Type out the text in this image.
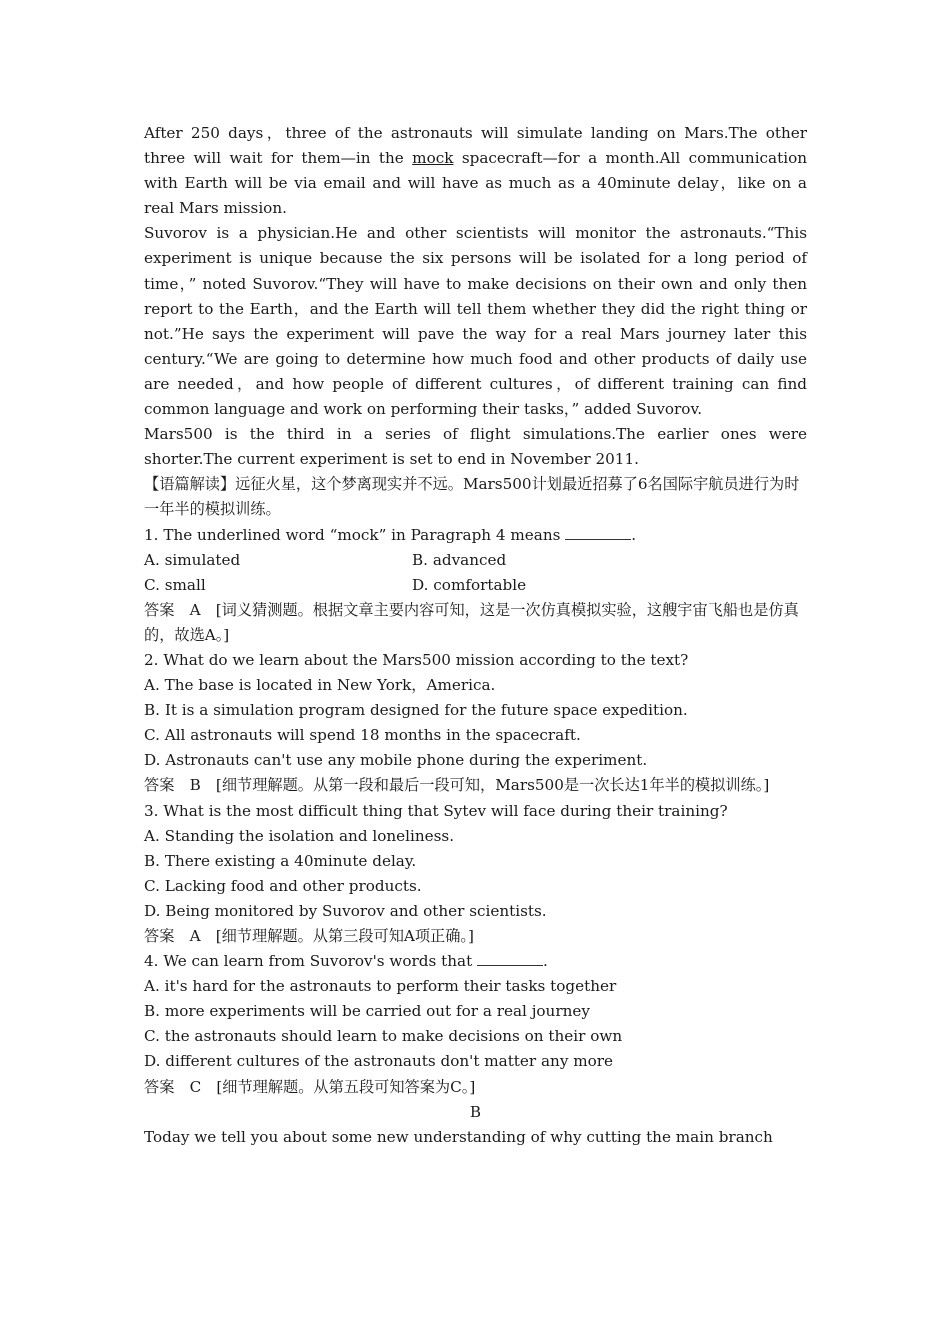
After 250 days，three of the astronauts will simulate landing on Mars.The other three will wait for them—in the mock spacecraft—for a month.All communication with Earth will be via email and will have as much as a 40minute delay，like on a real Mars mission.

Suvorov is a physician.He and other scientists will monitor the astronauts.“This experiment is unique because the six persons will be isolated for a long period of time，” noted Suvorov.“They will have to make decisions on their own and only then report to the Earth，and the Earth will tell them whether they did the right thing or not.”He says the experiment will pave the way for a real Mars journey later this century.“We are going to determine how much food and other products of daily use are needed，and how people of different cultures，of different training can find common language and work on performing their tasks，” added Suvorov.

Mars500 is the third in a series of flight simulations.The earlier ones were shorter.The current experiment is set to end in November 2011.

【语篇解读】远征火星，这个梦离现实并不远。Mars500计划最近招募了6名国际宇航员进行为时一年半的模拟训练。

1. The underlined word “mock” in Paragraph 4 means	.

A. simulated	B. advanced
C. small	D. comfortable

答案　A　[词义猜测题。根据文章主要内容可知，这是一次仿真模拟实验，这艘宇宙飞船也是仿真的，故选A。]

2. What do we learn about the Mars500 mission according to the text?

A. The base is located in New York，America.

B. It is a simulation program designed for the future space expedition.

C. All astronauts will spend 18 months in the spacecraft.

D. Astronauts can't use any mobile phone during the experiment.

答案　B　[细节理解题。从第一段和最后一段可知，Mars500是一次长达1年半的模拟训练。]

3. What is the most difficult thing that Sytev will face during their training?

A. Standing the isolation and loneliness.

B. There existing a 40minute delay.

C. Lacking food and other products.

D. Being monitored by Suvorov and other scientists.

答案　A　[细节理解题。从第三段可知A项正确。]

4. We can learn from Suvorov's words that	.

A. it's hard for the astronauts to perform their tasks together

B. more experiments will be carried out for a real journey

C. the astronauts should learn to make decisions on their own

D. different cultures of the astronauts don't matter any more

答案　C　[细节理解题。从第五段可知答案为C。]

B

Today we tell you about some new understanding of why cutting the main branch
